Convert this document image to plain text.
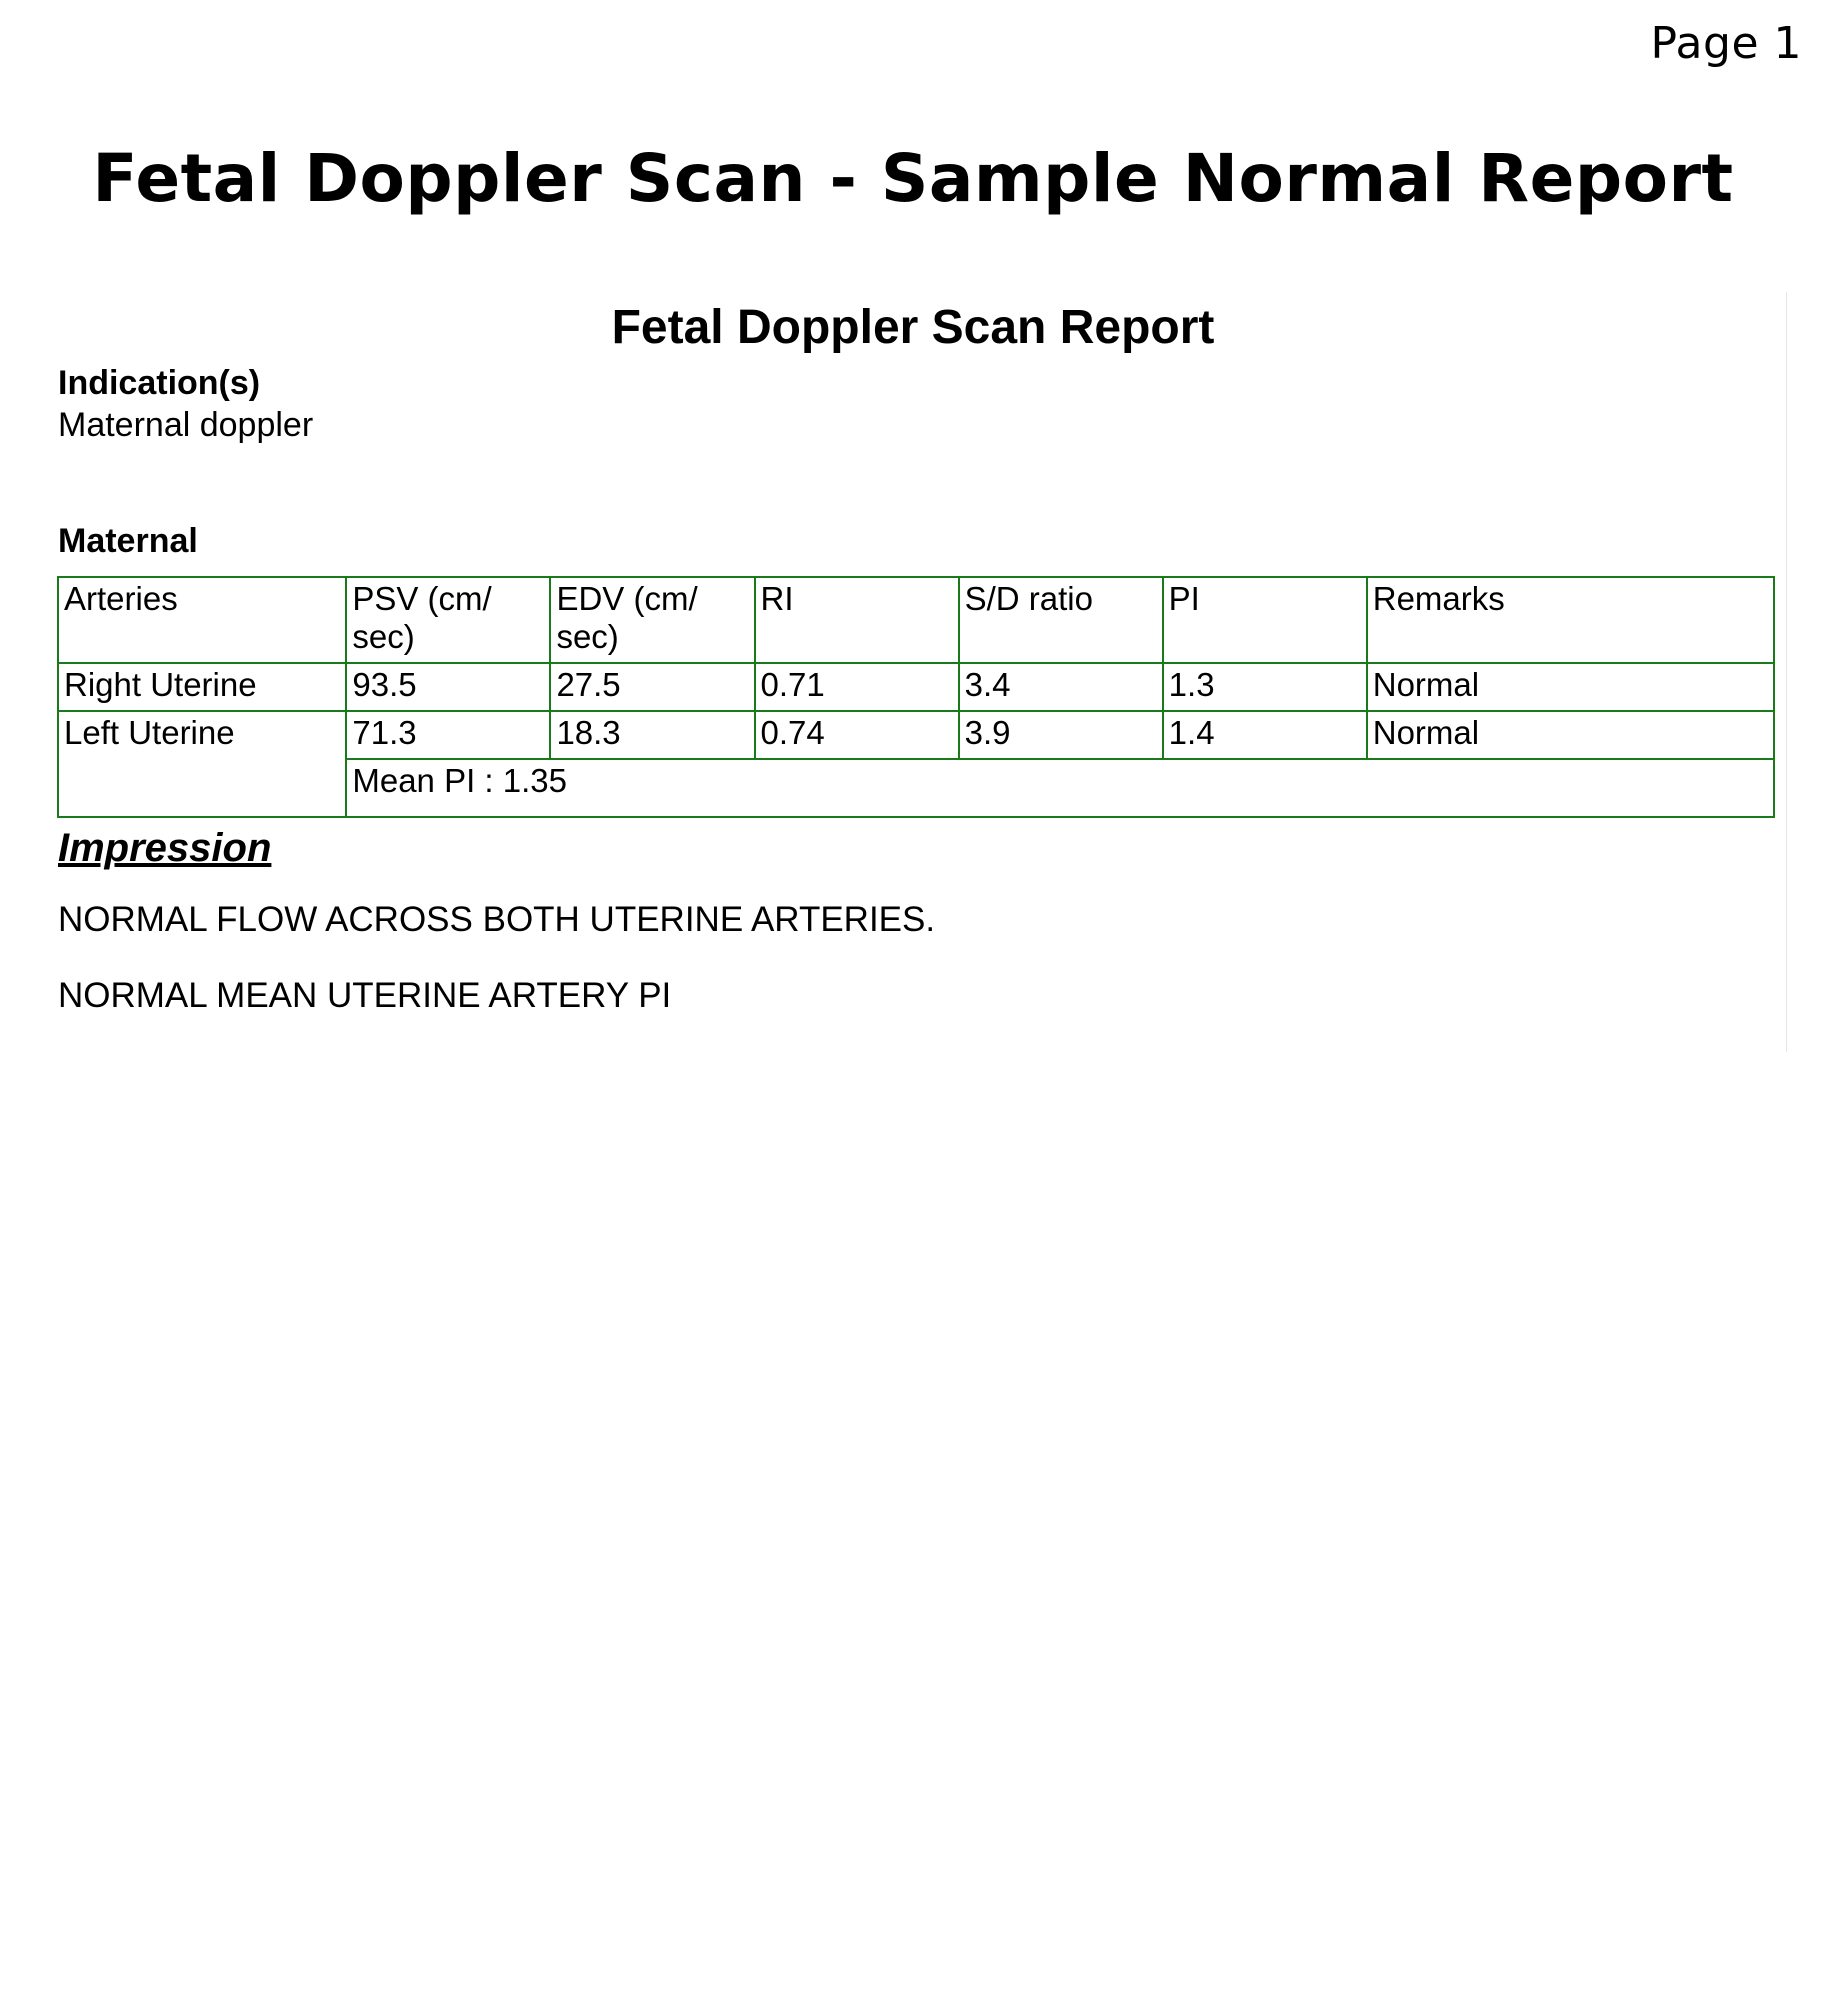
Page 1
Fetal Doppler Scan - Sample Normal Report
Fetal Doppler Scan Report
Indication(s)
Maternal doppler
Maternal
Arteries	PSV (cm/ sec)	EDV (cm/ sec)	RI	S/D ratio	PI	Remarks
Right Uterine	93.5	27.5	0.71	3.4	1.3	Normal
Left Uterine	71.3	18.3	0.74	3.9	1.4	Normal
	Mean PI : 1.35					
Impression
NORMAL FLOW ACROSS BOTH UTERINE ARTERIES.
NORMAL MEAN UTERINE ARTERY PI
